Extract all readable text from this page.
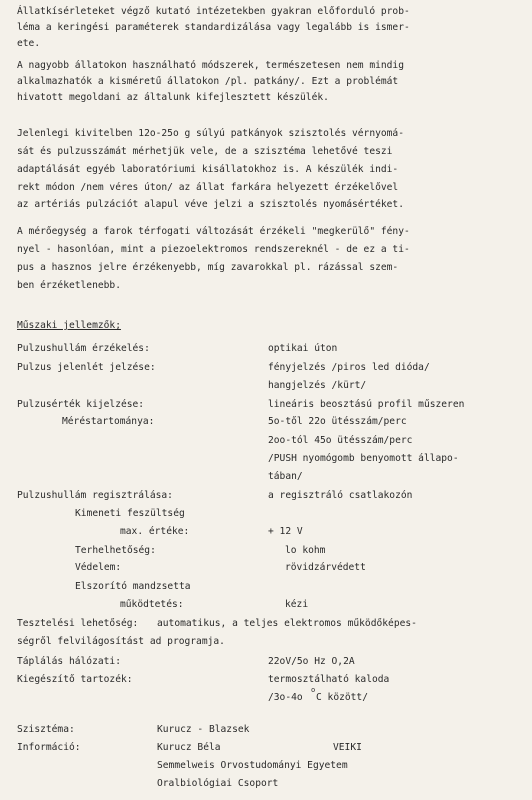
Állatkísérleteket végző kutató intézetekben gyakran előforduló prob-
léma a keringési paraméterek standardizálása vagy legalább is ismer-
ete.
A nagyobb állatokon használható módszerek, természetesen nem mindig
alkalmazhatók a kisméretű állatokon /pl. patkány/. Ezt a problémát
hivatott megoldani az általunk kifejlesztett készülék.
Jelenlegi kivitelben 12o-25o g súlyú patkányok szisztolés vérnyomá-
sát és pulzusszámát mérhetjük vele, de a szisztéma lehetővé teszi
adaptálását egyéb laboratóriumi kisállatokhoz is. A készülék indi-
rekt módon /nem véres úton/ az állat farkára helyezett érzékelővel
az artériás pulzációt alapul véve jelzi a szisztolés nyomásértéket.
A mérőegység a farok térfogati változását érzékeli "megkerülő" fény-
nyel - hasonlóan, mint a piezoelektromos rendszereknél - de ez a ti-
pus a hasznos jelre érzékenyebb, míg zavarokkal pl. rázással szem-
ben érzéketlenebb.
Műszaki jellemzők;
Pulzushullám érzékelés:	optikai úton
Pulzus jelenlét jelzése:	fényjelzés /piros led dióda/
hangjelzés /kürt/
Pulzusérték kijelzése:	lineáris beosztású profil műszeren
Méréstartománya:	5o-től 22o ütésszám/perc
2oo-tól 45o ütésszám/perc
/PUSH nyomógomb benyomott állapo-
tában/
Pulzushullám regisztrálása:	a regisztráló csatlakozón
Kimeneti feszültség
max. értéke:	+ 12 V
Terhelhetőség:	lo kohm
Védelem:	rövidzárvédett
Elszorító mandzsetta
működtetés:	kézi
Tesztelési lehetőség: automatikus, a teljes elektromos működőképes-
ségről felvilágosítást ad programja.
Táplálás hálózati:	22oV/5o Hz O,2A
Kiegészítő tartozék:	termosztálható kaloda
/3o-4o
o
C között/
Szisztéma:	Kurucz - Blazsek
Információ:	Kurucz Béla	VEIKI
Semmelweis Orvostudományi Egyetem
Oralbiológiai Csoport
